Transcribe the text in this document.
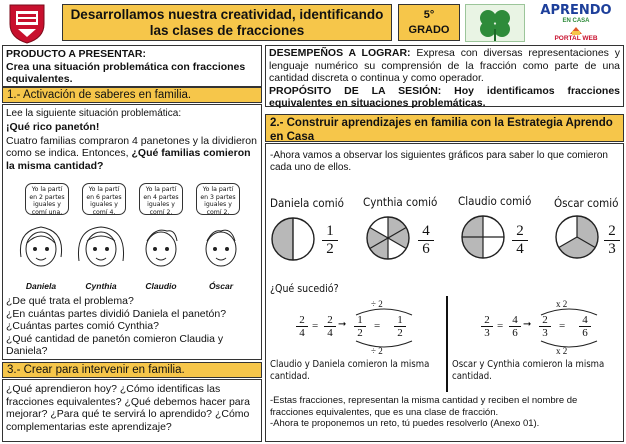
Desarrollamos nuestra creatividad, identificando
las clases de fracciones
5°
GRADO
APRENDO
EN CASA
PORTAL WEB
PRODUCTO A PRESENTAR:
Crea una situación problemática con fracciones equivalentes.
1.- Activación de saberes en familia.
Lee la siguiente situación problemática:
¡Qué rico panetón!
Cuatro familias compraron 4 panetones y la dividieron como se indica. Entonces, ¿Qué familias comieron la misma cantidad?
Yo la partí en 2 partes iguales y comí una.
Yo la partí en 6 partes iguales y comí 4.
Yo la partí en 4 partes iguales y comí 2.
Yo la partí en 3 partes iguales y comí 2.
Daniela	Cynthia	Claudio	Óscar
¿De qué trata el problema?
¿En cuántas partes dividió Daniela el panetón?
¿Cuántas partes comió Cynthia?
¿Qué cantidad de panetón comieron Claudia y Daniela?
3.- Crear para intervenir en familia.
¿Qué aprendieron hoy? ¿Cómo identificas las fracciones equivalentes? ¿Qué debemos hacer para mejorar? ¿Para qué te servirá lo aprendido? ¿Cómo complementarias este aprendizaje?
DESEMPEÑOS A LOGRAR: Expresa con diversas representaciones y lenguaje numérico su comprensión de la fracción como parte de una cantidad discreta o continua y como operador.
PROPÓSITO DE LA SESIÓN: Hoy identificamos fracciones equivalentes en situaciones problemáticas.
2.- Construir aprendizajes en familia con la Estrategia Aprendo en Casa
-Ahora vamos a observar los siguientes gráficos para saber lo que comieron cada uno de ellos.
Daniela comió Cynthia comió Claudio comió Óscar comió
$\frac{1}{2}$	$\frac{4}{6}$	$\frac{2}{4}$	$\frac{2}{3}$
¿Qué sucedió?
÷ 2
$\frac{2}{4} = \frac{2}{4}$ ➞ $\frac{1}{2} = \frac{1}{2}$
÷ 2
x 2
$\frac{2}{3} = \frac{4}{6}$ ➞ $\frac{2}{3} = \frac{4}{6}$
x 2
Claudio y Daniela comieron la misma cantidad.
Oscar y Cynthia comieron la misma cantidad.
-Estas fracciones, representan la misma cantidad y reciben el nombre de fracciones equivalentes, que es una clase de fracción.
-Ahora te proponemos un reto, tú puedes resolverlo (Anexo 01).
